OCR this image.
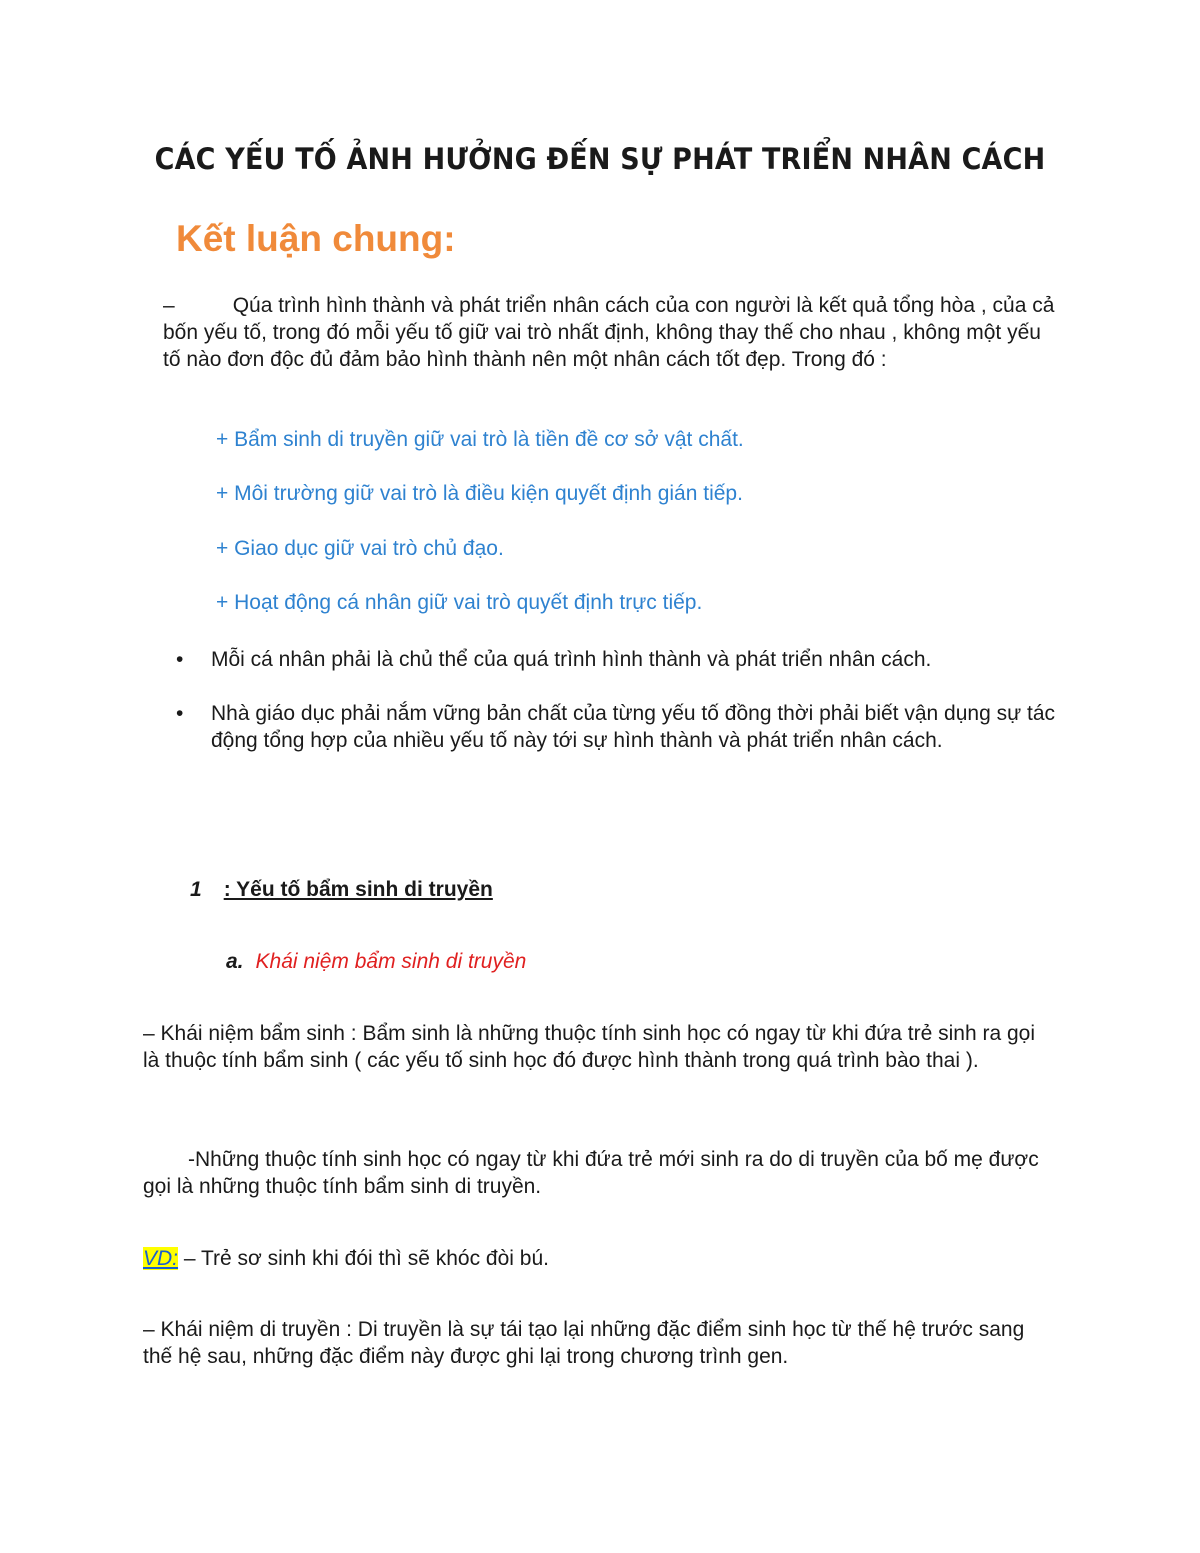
CÁC YẾU TỐ ẢNH HƯỞNG ĐẾN SỰ PHÁT TRIỂN NHÂN CÁCH
Kết luận chung:
–	Qúa trình hình thành và phát triển nhân cách của con người là kết quả tổng hòa , của cả bốn yếu tố, trong đó mỗi yếu tố giữ vai trò nhất định, không thay thế cho nhau , không một yếu tố nào đơn độc đủ đảm bảo hình thành nên một nhân cách tốt đẹp. Trong đó :
+ Bẩm sinh di truyền giữ vai trò là tiền đề cơ sở vật chất.
+ Môi trường giữ vai trò là điều kiện quyết định gián tiếp.
+ Giao dục giữ vai trò chủ đạo.
+ Hoạt động cá nhân giữ vai trò quyết định trực tiếp.
• Mỗi cá nhân phải là chủ thể của quá trình hình thành và phát triển nhân cách.
• Nhà giáo dục phải nắm vững bản chất của từng yếu tố đồng thời phải biết vận dụng sự tác động tổng hợp của nhiều yếu tố này tới sự hình thành và phát triển nhân cách.
1 : Yếu tố bẩm sinh di truyền
a. Khái niệm bẩm sinh di truyền
– Khái niệm bẩm sinh : Bẩm sinh là những thuộc tính sinh học có ngay từ khi đứa trẻ sinh ra gọi là thuộc tính bẩm sinh ( các yếu tố sinh học đó được hình thành trong quá trình bào thai ).
-Những thuộc tính sinh học có ngay từ khi đứa trẻ mới sinh ra do di truyền của bố mẹ được gọi là những thuộc tính bẩm sinh di truyền.
VD: – Trẻ sơ sinh khi đói thì sẽ khóc đòi bú.
– Khái niệm di truyền : Di truyền là sự tái tạo lại những đặc điểm sinh học từ thế hệ trước sang thế hệ sau, những đặc điểm này được ghi lại trong chương trình gen.
